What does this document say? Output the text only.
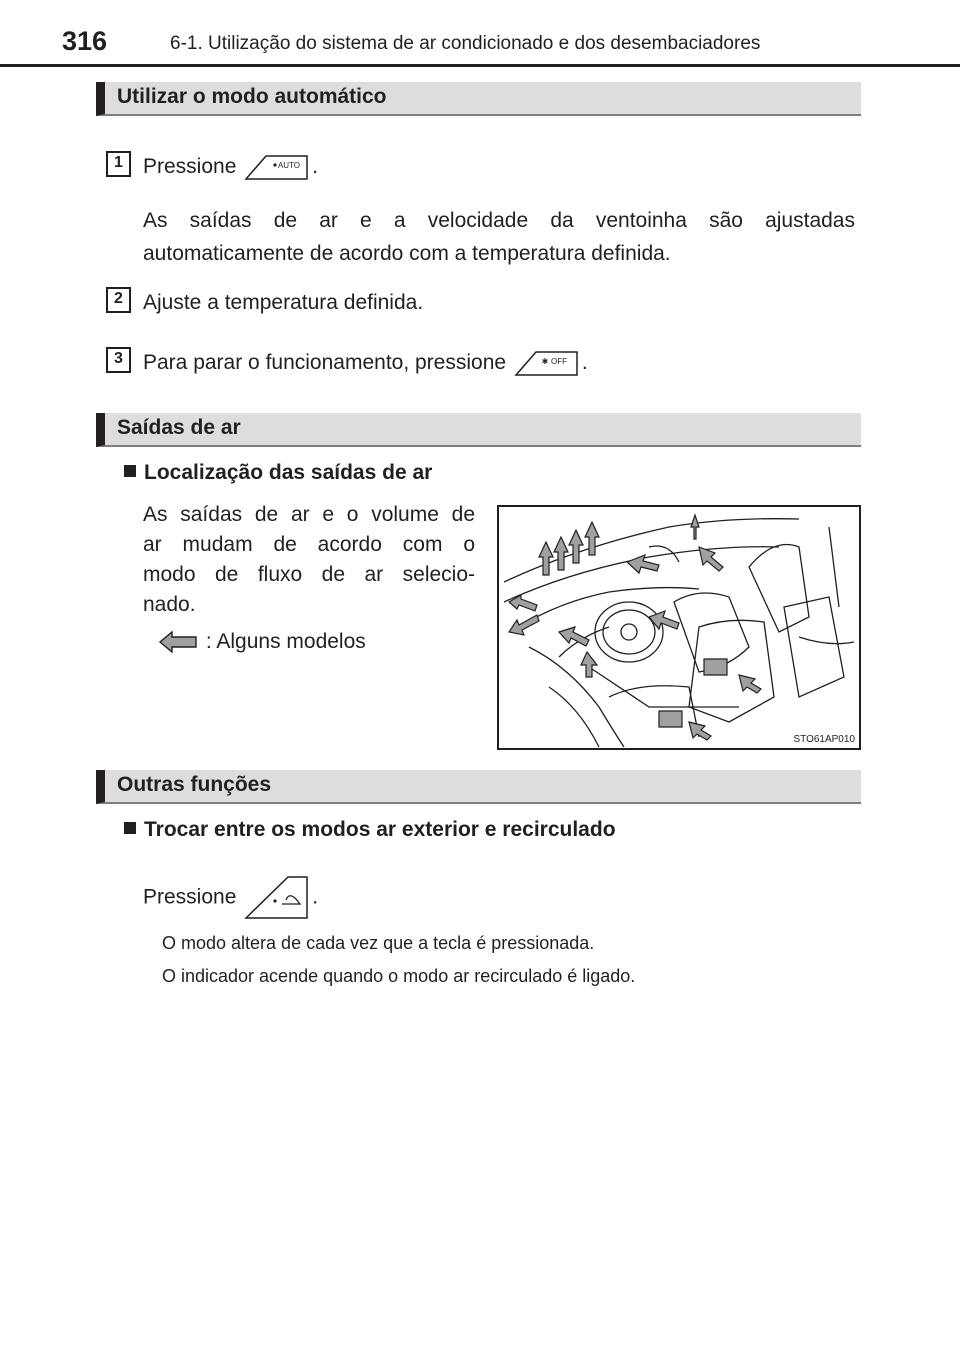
316	6-1. Utilização do sistema de ar condicionado e dos desembaciadores
Utilizar o modo automático
1 Pressione	AUTO .
As saídas de ar e a velocidade da ventoinha são ajustadas automaticamente de acordo com a temperatura definida.
2 Ajuste a temperatura definida.
3 Para parar o funcionamento, pressione	✱ OFF .
Saídas de ar
Localização das saídas de ar
As saídas de ar e o volume de
ar mudam de acordo com o
modo de fluxo de ar selecio-
nado.
: Alguns modelos
STO61AP010
Outras funções
Trocar entre os modos ar exterior e recirculado
Pressione	.
O modo altera de cada vez que a tecla é pressionada.
O indicador acende quando o modo ar recirculado é ligado.
